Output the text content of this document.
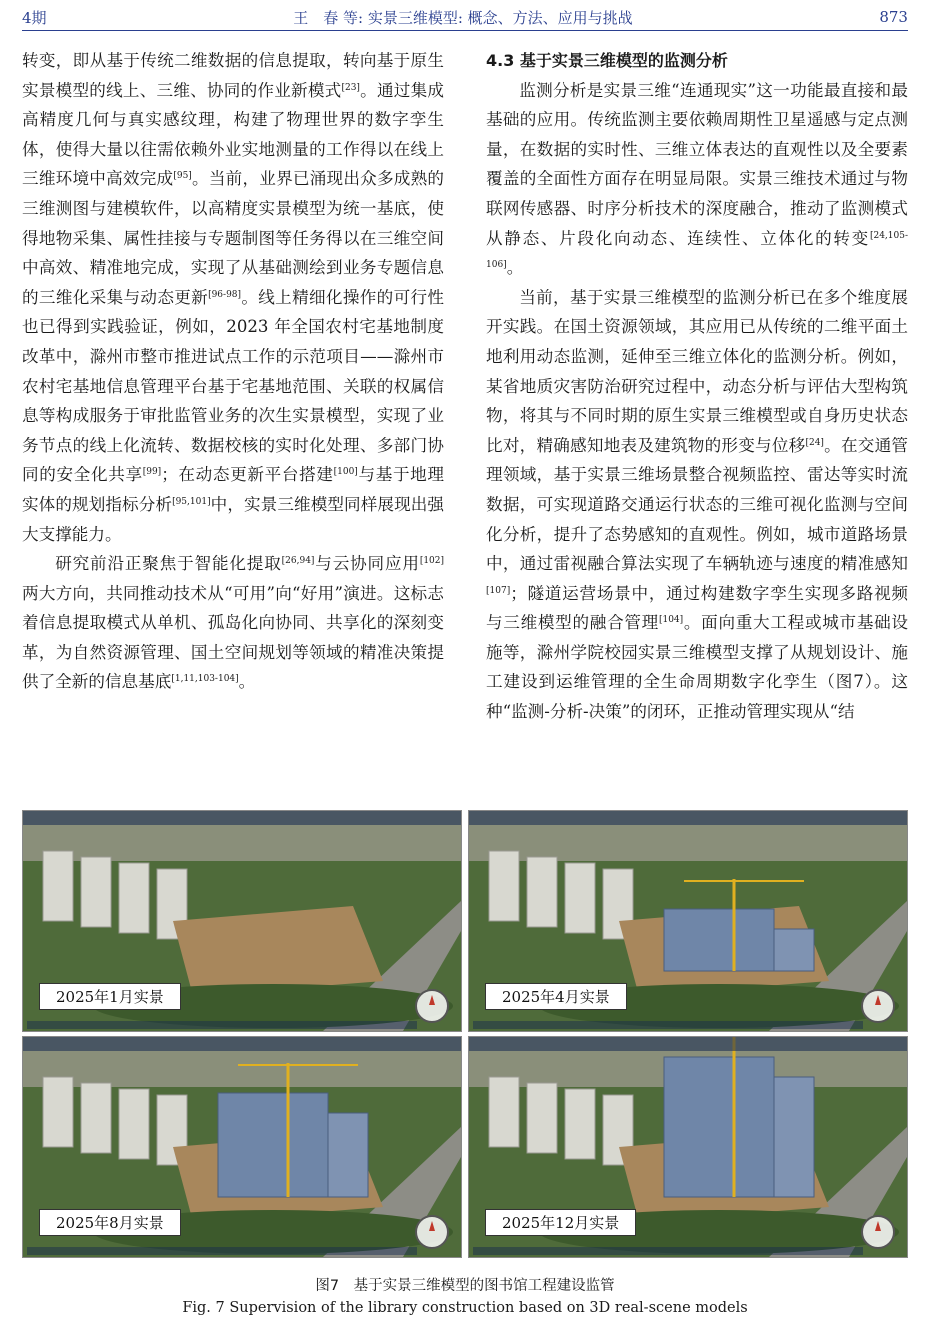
4期	王　春 等: 实景三维模型: 概念、方法、应用与挑战	873

转变，即从基于传统二维数据的信息提取，转向基于原生实景模型的线上、三维、协同的作业新模式[23]。通过集成高精度几何与真实感纹理，构建了物理世界的数字孪生体，使得大量以往需依赖外业实地测量的工作得以在线上三维环境中高效完成[95]。当前，业界已涌现出众多成熟的三维测图与建模软件，以高精度实景模型为统一基底，使得地物采集、属性挂接与专题制图等任务得以在三维空间中高效、精准地完成，实现了从基础测绘到业务专题信息的三维化采集与动态更新[96-98]。线上精细化操作的可行性也已得到实践验证，例如，2023 年全国农村宅基地制度改革中，滁州市整市推进试点工作的示范项目——滁州市农村宅基地信息管理平台基于宅基地范围、关联的权属信息等构成服务于审批监管业务的次生实景模型，实现了业务节点的线上化流转、数据校核的实时化处理、多部门协同的安全化共享[99]；在动态更新平台搭建[100]与基于地理实体的规划指标分析[95,101]中，实景三维模型同样展现出强大支撑能力。

研究前沿正聚焦于智能化提取[26,94]与云协同应用[102]两大方向，共同推动技术从“可用”向“好用”演进。这标志着信息提取模式从单机、孤岛化向协同、共享化的深刻变革，为自然资源管理、国土空间规划等领域的精准决策提供了全新的信息基底[1,11,103-104]。

4.3 基于实景三维模型的监测分析

监测分析是实景三维“连通现实”这一功能最直接和最基础的应用。传统监测主要依赖周期性卫星遥感与定点测量，在数据的实时性、三维立体表达的直观性以及全要素覆盖的全面性方面存在明显局限。实景三维技术通过与物联网传感器、时序分析技术的深度融合，推动了监测模式从静态、片段化向动态、连续性、立体化的转变[24,105-106]。

当前，基于实景三维模型的监测分析已在多个维度展开实践。在国土资源领域，其应用已从传统的二维平面土地利用动态监测，延伸至三维立体化的监测分析。例如，某省地质灾害防治研究过程中，动态分析与评估大型构筑物，将其与不同时期的原生实景三维模型或自身历史状态比对，精确感知地表及建筑物的形变与位移[24]。在交通管理领域，基于实景三维场景整合视频监控、雷达等实时流数据，可实现道路交通运行状态的三维可视化监测与空间化分析，提升了态势感知的直观性。例如，城市道路场景中，通过雷视融合算法实现了车辆轨迹与速度的精准感知[107]；隧道运营场景中，通过构建数字孪生实现多路视频与三维模型的融合管理[104]。面向重大工程或城市基础设施等，滁州学院校园实景三维模型支撑了从规划设计、施工建设到运维管理的全生命周期数字化孪生（图7）。这种“监测-分析-决策”的闭环，正推动管理实现从“结

2025年1月实景	2025年4月实景
2025年8月实景	2025年12月实景
图7　基于实景三维模型的图书馆工程建设监管
Fig. 7 Supervision of the library construction based on 3D real-scene models
